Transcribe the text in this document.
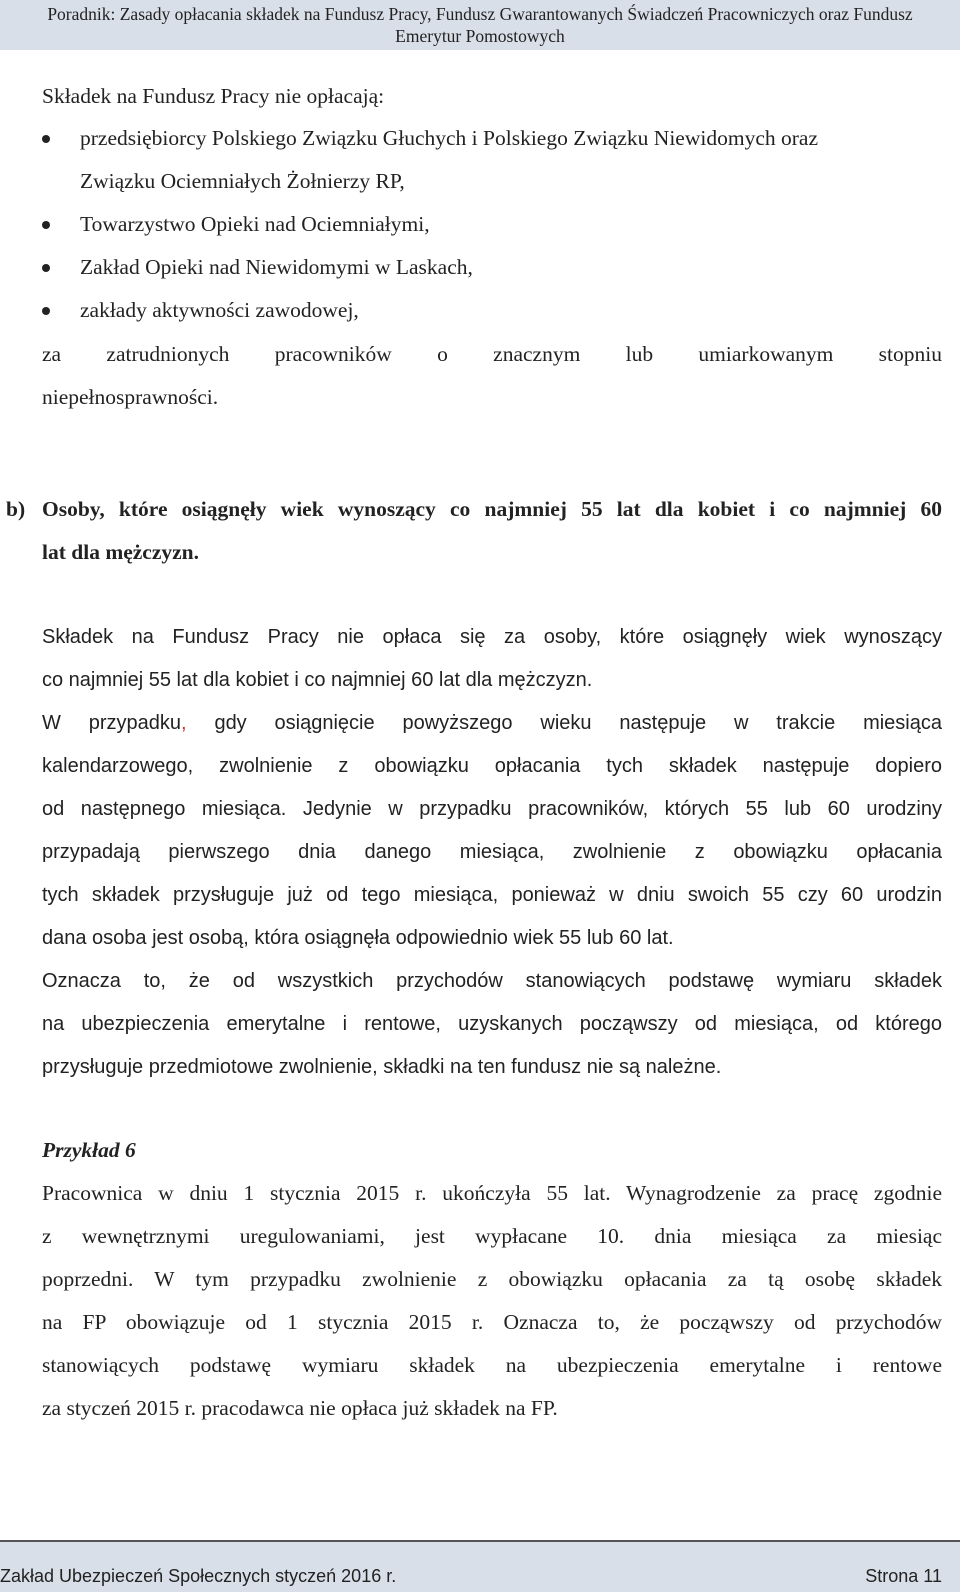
Poradnik: Zasady opłacania składek na Fundusz Pracy, Fundusz Gwarantowanych Świadczeń Pracowniczych oraz Fundusz
Emerytur Pomostowych
Składek na Fundusz Pracy nie opłacają:
przedsiębiorcy Polskiego Związku Głuchych i Polskiego Związku Niewidomych oraz
Związku Ociemniałych Żołnierzy RP,
Towarzystwo Opieki nad Ociemniałymi,
Zakład Opieki nad Niewidomymi w Laskach,
zakłady aktywności zawodowej,
za zatrudnionych pracowników o znacznym lub umiarkowanym stopniu
niepełnosprawności.
b) Osoby, które osiągnęły wiek wynoszący co najmniej 55 lat dla kobiet i co najmniej 60
lat dla mężczyzn.
Składek na Fundusz Pracy nie opłaca się za osoby, które osiągnęły wiek wynoszący
co najmniej 55 lat dla kobiet i co najmniej 60 lat dla mężczyzn.
W przypadku, gdy osiągnięcie powyższego wieku następuje w trakcie miesiąca
kalendarzowego, zwolnienie z obowiązku opłacania tych składek następuje dopiero
od następnego miesiąca. Jedynie w przypadku pracowników, których 55 lub 60 urodziny
przypadają pierwszego dnia danego miesiąca, zwolnienie z obowiązku opłacania
tych składek przysługuje już od tego miesiąca, ponieważ w dniu swoich 55 czy 60 urodzin
dana osoba jest osobą, która osiągnęła odpowiednio wiek 55 lub 60 lat.
Oznacza to, że od wszystkich przychodów stanowiących podstawę wymiaru składek
na ubezpieczenia emerytalne i rentowe, uzyskanych począwszy od miesiąca, od którego
przysługuje przedmiotowe zwolnienie, składki na ten fundusz nie są należne.
Przykład 6
Pracownica w dniu 1 stycznia 2015 r. ukończyła 55 lat. Wynagrodzenie za pracę zgodnie
z wewnętrznymi uregulowaniami, jest wypłacane 10. dnia miesiąca za miesiąc
poprzedni. W tym przypadku zwolnienie z obowiązku opłacania za tą osobę składek
na FP obowiązuje od 1 stycznia 2015 r. Oznacza to, że począwszy od przychodów
stanowiących podstawę wymiaru składek na ubezpieczenia emerytalne i rentowe
za styczeń 2015 r. pracodawca nie opłaca już składek na FP.
Zakład Ubezpieczeń Społecznych styczeń 2016 r.	Strona 11
